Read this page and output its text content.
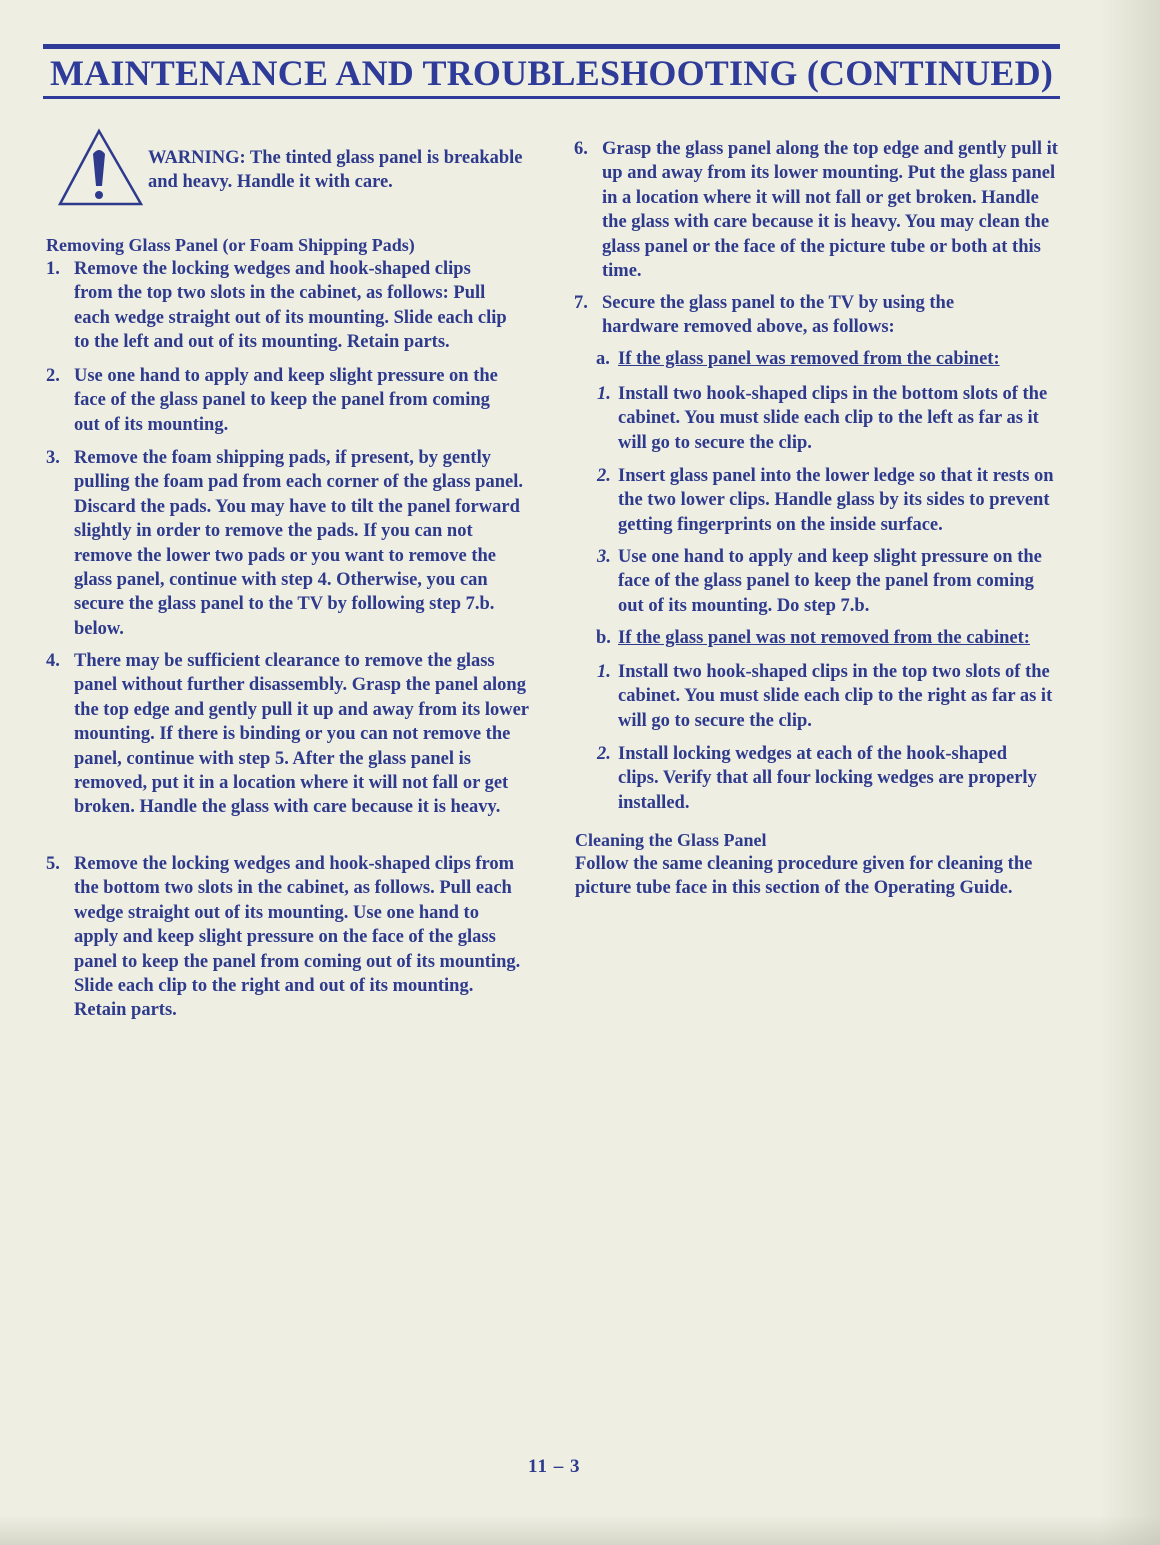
MAINTENANCE AND TROUBLESHOOTING (CONTINUED)
WARNING: The tinted glass panel is breakable and heavy. Handle it with care.
Removing Glass Panel (or Foam Shipping Pads)
1. Remove the locking wedges and hook-shaped clips from the top two slots in the cabinet, as follows: Pull each wedge straight out of its mounting. Slide each clip to the left and out of its mounting. Retain parts.
2. Use one hand to apply and keep slight pressure on the face of the glass panel to keep the panel from coming out of its mounting.
3. Remove the foam shipping pads, if present, by gently pulling the foam pad from each corner of the glass panel. Discard the pads. You may have to tilt the panel forward slightly in order to remove the pads. If you can not remove the lower two pads or you want to remove the glass panel, continue with step 4. Otherwise, you can secure the glass panel to the TV by following step 7.b. below.
4. There may be sufficient clearance to remove the glass panel without further disassembly. Grasp the panel along the top edge and gently pull it up and away from its lower mounting. If there is binding or you can not remove the panel, continue with step 5. After the glass panel is removed, put it in a location where it will not fall or get broken. Handle the glass with care because it is heavy.
5. Remove the locking wedges and hook-shaped clips from the bottom two slots in the cabinet, as follows. Pull each wedge straight out of its mounting. Use one hand to apply and keep slight pressure on the face of the glass panel to keep the panel from coming out of its mounting. Slide each clip to the right and out of its mounting. Retain parts.
6. Grasp the glass panel along the top edge and gently pull it up and away from its lower mounting. Put the glass panel in a location where it will not fall or get broken. Handle the glass with care because it is heavy. You may clean the glass panel or the face of the picture tube or both at this time.
7. Secure the glass panel to the TV by using the hardware removed above, as follows:
a. If the glass panel was removed from the cabinet:
1. Install two hook-shaped clips in the bottom slots of the cabinet. You must slide each clip to the left as far as it will go to secure the clip.
2. Insert glass panel into the lower ledge so that it rests on the two lower clips. Handle glass by its sides to prevent getting fingerprints on the inside surface.
3. Use one hand to apply and keep slight pressure on the face of the glass panel to keep the panel from coming out of its mounting. Do step 7.b.
b. If the glass panel was not removed from the cabinet:
1. Install two hook-shaped clips in the top two slots of the cabinet. You must slide each clip to the right as far as it will go to secure the clip.
2. Install locking wedges at each of the hook-shaped clips. Verify that all four locking wedges are properly installed.
Cleaning the Glass Panel
Follow the same cleaning procedure given for cleaning the picture tube face in this section of the Operating Guide.
11 – 3
